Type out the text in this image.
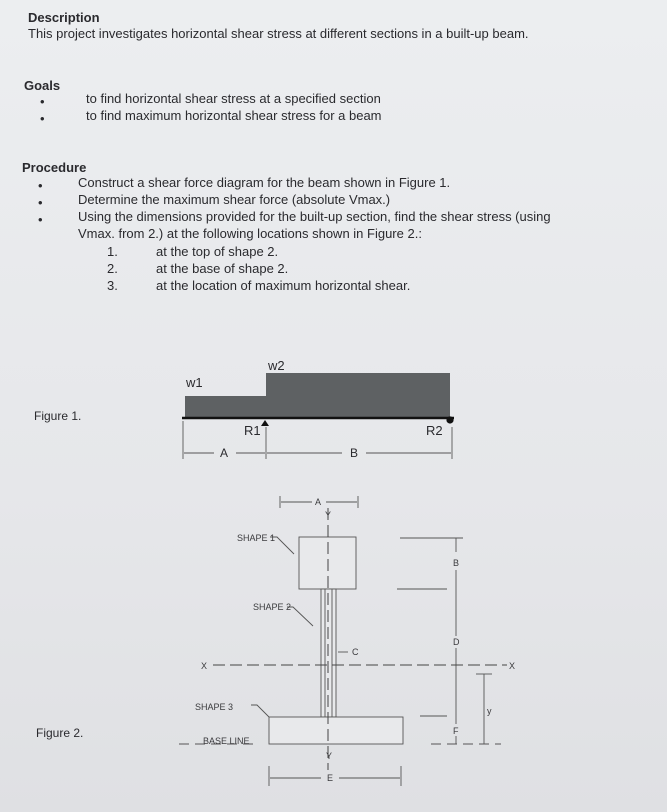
Description
This project investigates horizontal shear stress at different sections in a built-up beam.
Goals
•	to find horizontal shear stress at a specified section
•	to find maximum horizontal shear stress for a beam
Procedure
•	Construct a shear force diagram for the beam shown in Figure 1.
•	Determine the maximum shear force (absolute Vmax.)
•	Using the dimensions provided for the built-up section, find the shear stress (using
Vmax. from 2.) at the following locations shown in Figure 2.:
1.	at the top of shape 2.
2.	at the base of shape 2.
3.	at the location of maximum horizontal shear.
Figure 1.
Figure 2.
w2
w1
R1	R2
A	B
A
Y
SHAPE 1
SHAPE 2
SHAPE 3
BASE LINE
X	X
C
B
D
F
y
Y
E
